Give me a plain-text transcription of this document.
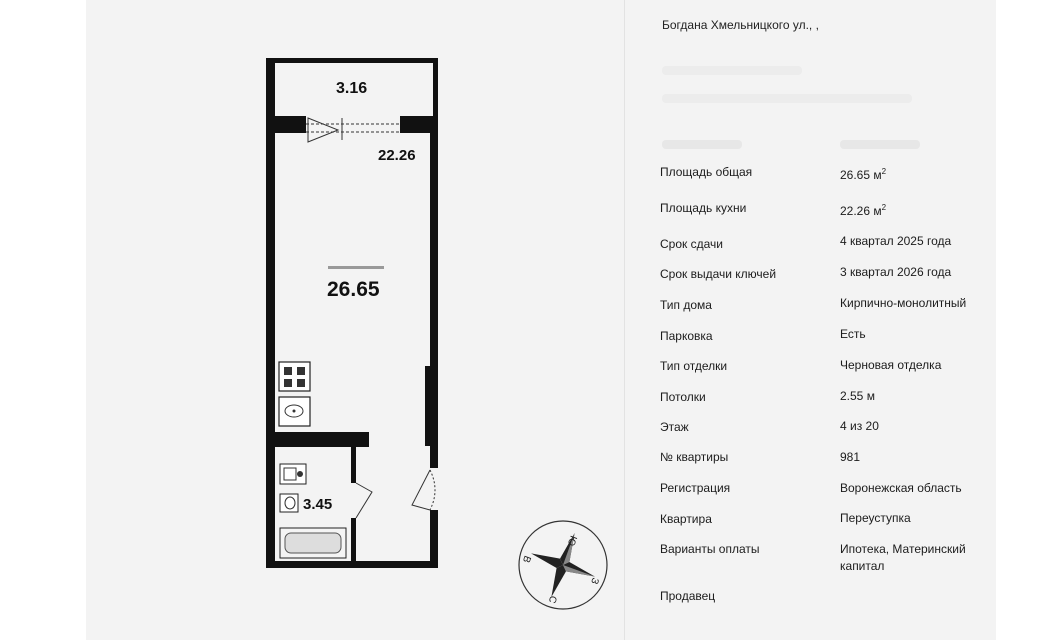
3.16
22.26
26.65
3.45
Ю
З
С
В
Богдана Хмельницкого ул., ,
Площадь общая	26.65 $м^2$
Площадь кухни	22.26 $м^2$
Срок сдачи	4 квартал 2025 года
Срок выдачи ключей	3 квартал 2026 года
Тип дома	Кирпично-монолитный
Парковка	Есть
Тип отделки	Черновая отделка
Потолки	2.55 м
Этаж	4 из 20
№ квартиры	981
Регистрация	Воронежская область
Квартира	Переуступка
Варианты оплаты	Ипотека, Материнский
капитал
Продавец
